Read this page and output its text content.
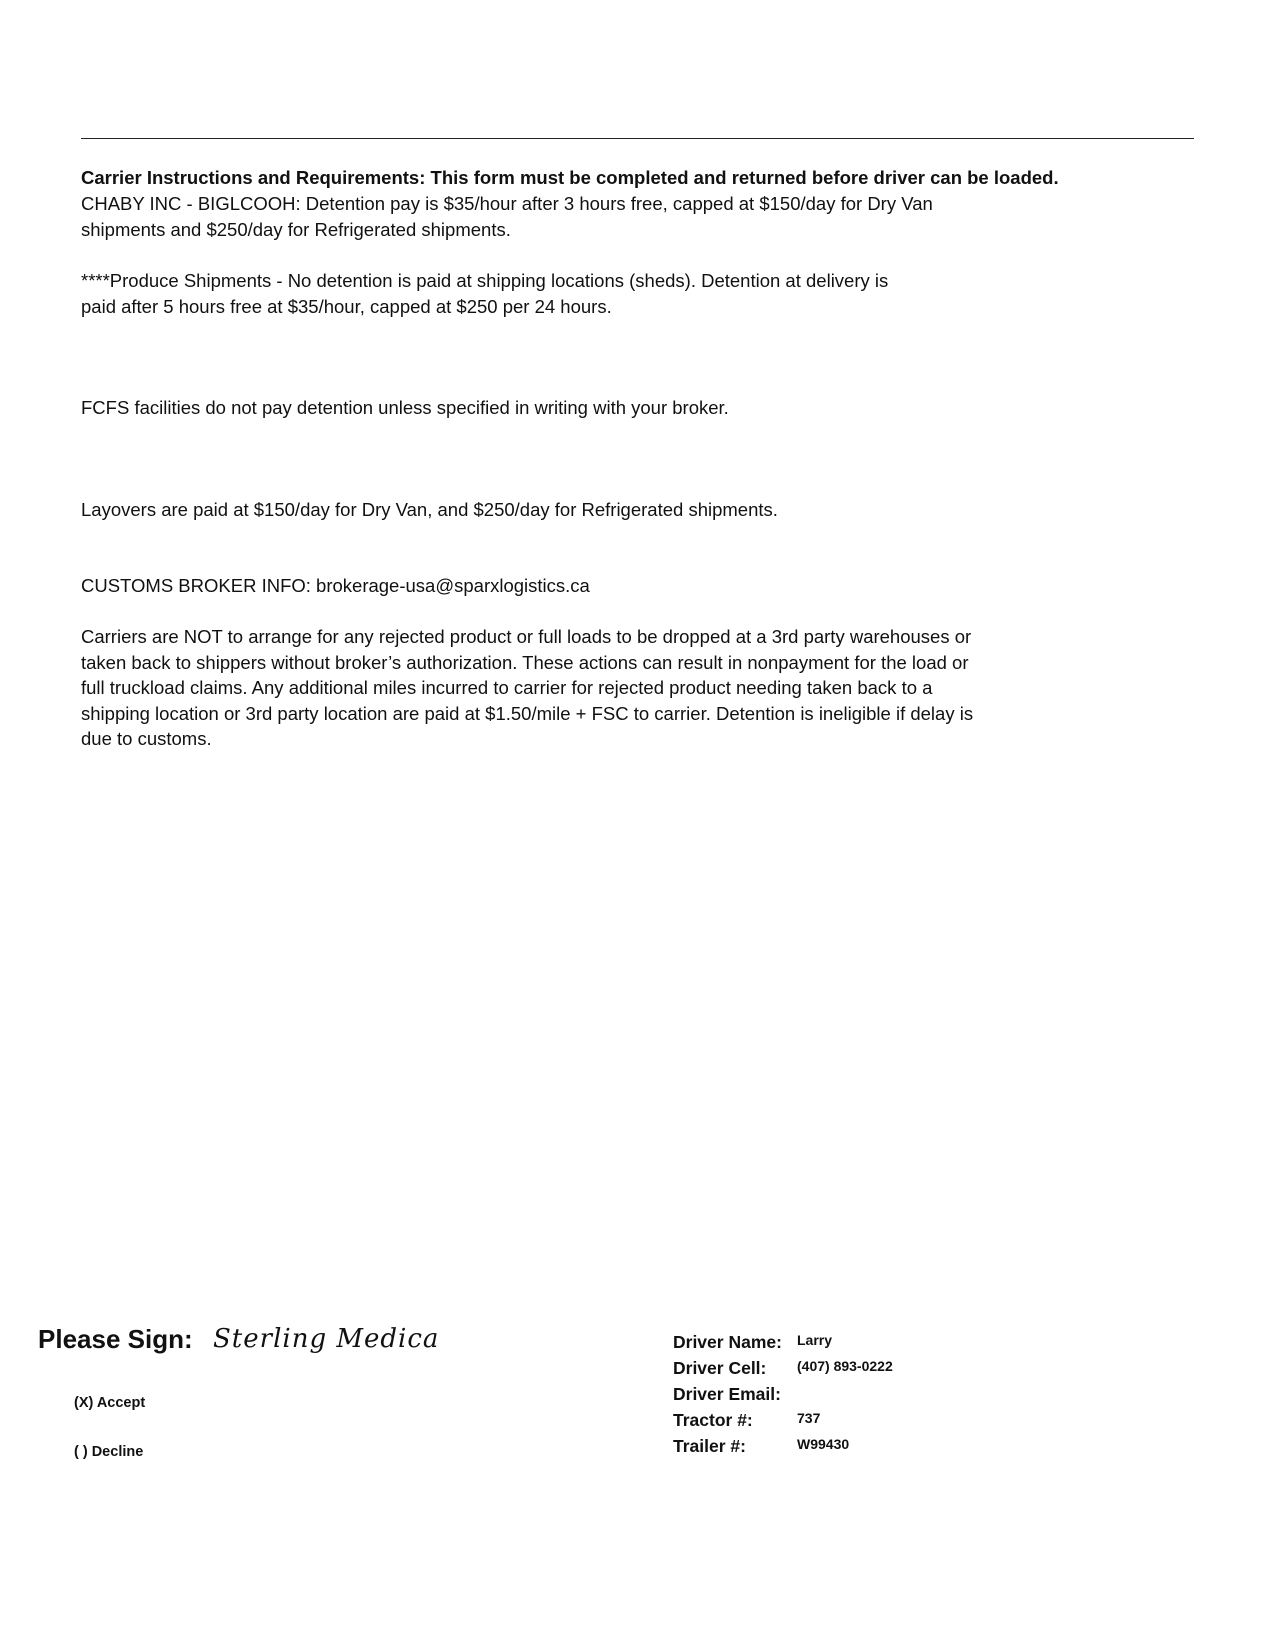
Carrier Instructions and Requirements: This form must be completed and returned before driver can be loaded.

CHABY INC - BIGLCOOH: Detention pay is $35/hour after 3 hours free, capped at $150/day for Dry Van
shipments and $250/day for Refrigerated shipments.

****Produce Shipments - No detention is paid at shipping locations (sheds). Detention at delivery is
paid after 5 hours free at $35/hour, capped at $250 per 24 hours.

FCFS facilities do not pay detention unless specified in writing with your broker.

Layovers are paid at $150/day for Dry Van, and $250/day for Refrigerated shipments.

CUSTOMS BROKER INFO: brokerage-usa@sparxlogistics.ca

Carriers are NOT to arrange for any rejected product or full loads to be dropped at a 3rd party warehouses or
taken back to shippers without broker’s authorization. These actions can result in nonpayment for the load or
full truckload claims. Any additional miles incurred to carrier for rejected product needing taken back to a
shipping location or 3rd party location are paid at $1.50/mile + FSC to carrier. Detention is ineligible if delay is
due to customs.

Please Sign: Sterling Medica
(X) Accept
( ) Decline
Driver Name: Larry
Driver Cell: (407) 893-0222
Driver Email:
Tractor #:	737
Trailer #:	W99430
